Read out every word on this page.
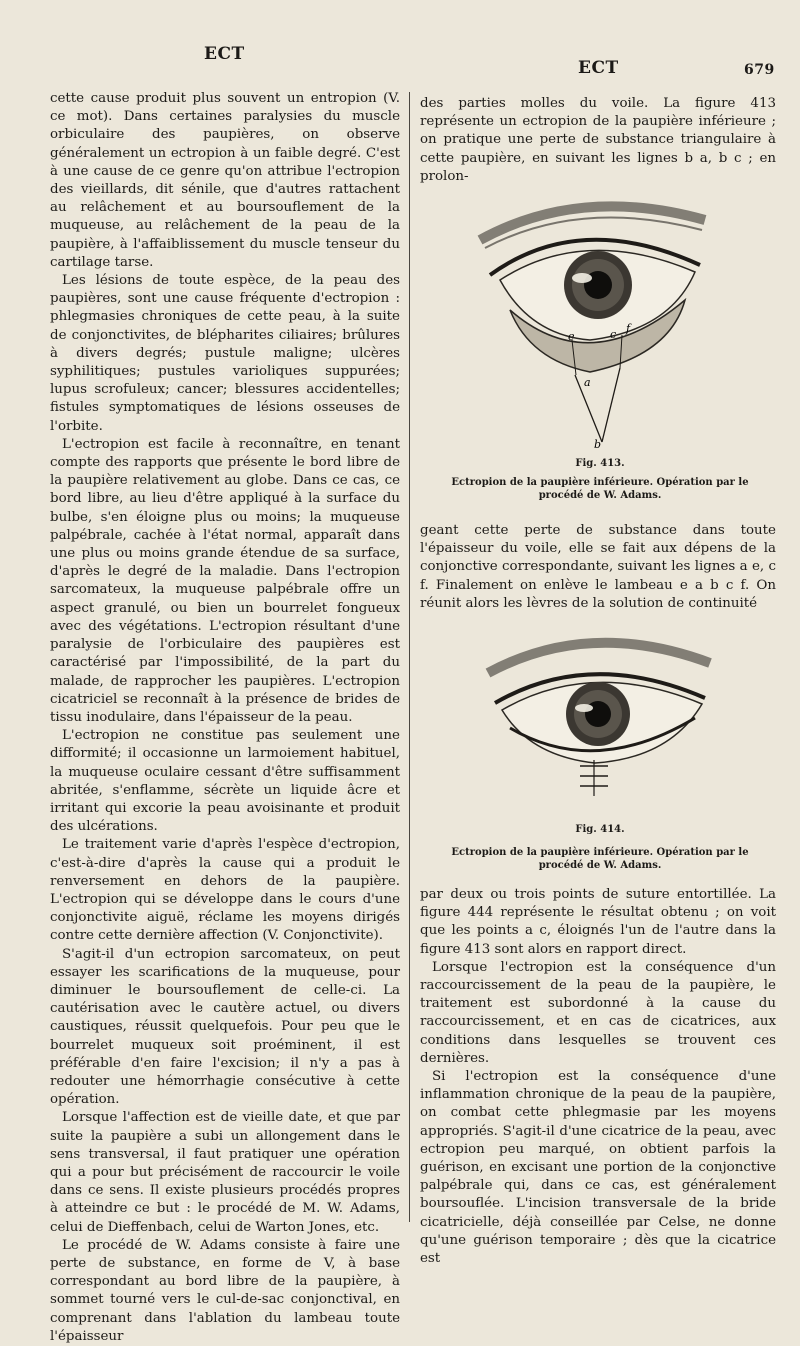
ECT
ECT	679

cette cause produit plus souvent un entropion (V. ce mot). Dans certaines paralysies du muscle orbiculaire des paupières, on observe généralement un ectropion à un faible degré. C'est à une cause de ce genre qu'on attribue l'ectropion des vieillards, dit sénile, que d'autres rattachent au relâchement et au boursouflement de la muqueuse, au relâchement de la peau de la paupière, à l'affaiblissement du muscle tenseur du cartilage tarse.

Les lésions de toute espèce, de la peau des paupières, sont une cause fréquente d'ectropion : phlegmasies chroniques de cette peau, à la suite de conjonctivites, de blépharites ciliaires; brûlures à divers degrés; pustule maligne; ulcères syphilitiques; pustules varioliques suppurées; lupus scrofuleux; cancer; blessures accidentelles; fistules symptomatiques de lésions osseuses de l'orbite.

L'ectropion est facile à reconnaître, en tenant compte des rapports que présente le bord libre de la paupière relativement au globe. Dans ce cas, ce bord libre, au lieu d'être appliqué à la surface du bulbe, s'en éloigne plus ou moins; la muqueuse palpébrale, cachée à l'état normal, apparaît dans une plus ou moins grande étendue de sa surface, d'après le degré de la maladie. Dans l'ectropion sarcomateux, la muqueuse palpébrale offre un aspect granulé, ou bien un bourrelet fongueux avec des végétations. L'ectropion résultant d'une paralysie de l'orbiculaire des paupières est caractérisé par l'impossibilité, de la part du malade, de rapprocher les paupières. L'ectropion cicatriciel se reconnaît à la présence de brides de tissu inodulaire, dans l'épaisseur de la peau.

L'ectropion ne constitue pas seulement une difformité; il occasionne un larmoiement habituel, la muqueuse oculaire cessant d'être suffisamment abritée, s'enflamme, sécrète un liquide âcre et irritant qui excorie la peau avoisinante et produit des ulcérations.

Le traitement varie d'après l'espèce d'ectropion, c'est-à-dire d'après la cause qui a produit le renversement en dehors de la paupière. L'ectropion qui se développe dans le cours d'une conjonctivite aiguë, réclame les moyens dirigés contre cette dernière affection (V. Conjonctivite).

S'agit-il d'un ectropion sarcomateux, on peut essayer les scarifications de la muqueuse, pour diminuer le boursouflement de celle-ci. La cautérisation avec le cautère actuel, ou divers caustiques, réussit quelquefois. Pour peu que le bourrelet muqueux soit proéminent, il est préférable d'en faire l'excision; il n'y a pas à redouter une hémorrhagie consécutive à cette opération.

Lorsque l'affection est de vieille date, et que par suite la paupière a subi un allongement dans le sens transversal, il faut pratiquer une opération qui a pour but précisément de raccourcir le voile dans ce sens. Il existe plusieurs procédés propres à atteindre ce but : le procédé de M. W. Adams, celui de Dieffenbach, celui de Warton Jones, etc.

Le procédé de W. Adams consiste à faire une perte de substance, en forme de V, à base correspondant au bord libre de la paupière, à sommet tourné vers le cul-de-sac conjonctival, en comprenant dans l'ablation du lambeau toute l'épaisseur

des parties molles du voile. La figure 413 représente un ectropion de la paupière inférieure ; on pratique une perte de substance triangulaire à cette paupière, en suivant les lignes b a, b c ; en prolon-

e	c f
a
b
Fig. 413.
Ectropion de la paupière inférieure. Opération par le procédé de W. Adams.

geant cette perte de substance dans toute l'épaisseur du voile, elle se fait aux dépens de la conjonctive correspondante, suivant les lignes a e, c f. Finalement on enlève le lambeau e a b c f. On réunit alors les lèvres de la solution de continuité

Fig. 414.
Ectropion de la paupière inférieure. Opération par le procédé de W. Adams.

par deux ou trois points de suture entortillée. La figure 444 représente le résultat obtenu ; on voit que les points a c, éloignés l'un de l'autre dans la figure 413 sont alors en rapport direct.

Lorsque l'ectropion est la conséquence d'un raccourcissement de la peau de la paupière, le traitement est subordonné à la cause du raccourcissement, et en cas de cicatrices, aux conditions dans lesquelles se trouvent ces dernières.

Si l'ectropion est la conséquence d'une inflammation chronique de la peau de la paupière, on combat cette phlegmasie par les moyens appropriés. S'agit-il d'une cicatrice de la peau, avec ectropion peu marqué, on obtient parfois la guérison, en excisant une portion de la conjonctive palpébrale qui, dans ce cas, est généralement boursouflée. L'incision transversale de la bride cicatricielle, déjà conseillée par Celse, ne donne qu'une guérison temporaire ; dès que la cicatrice est
